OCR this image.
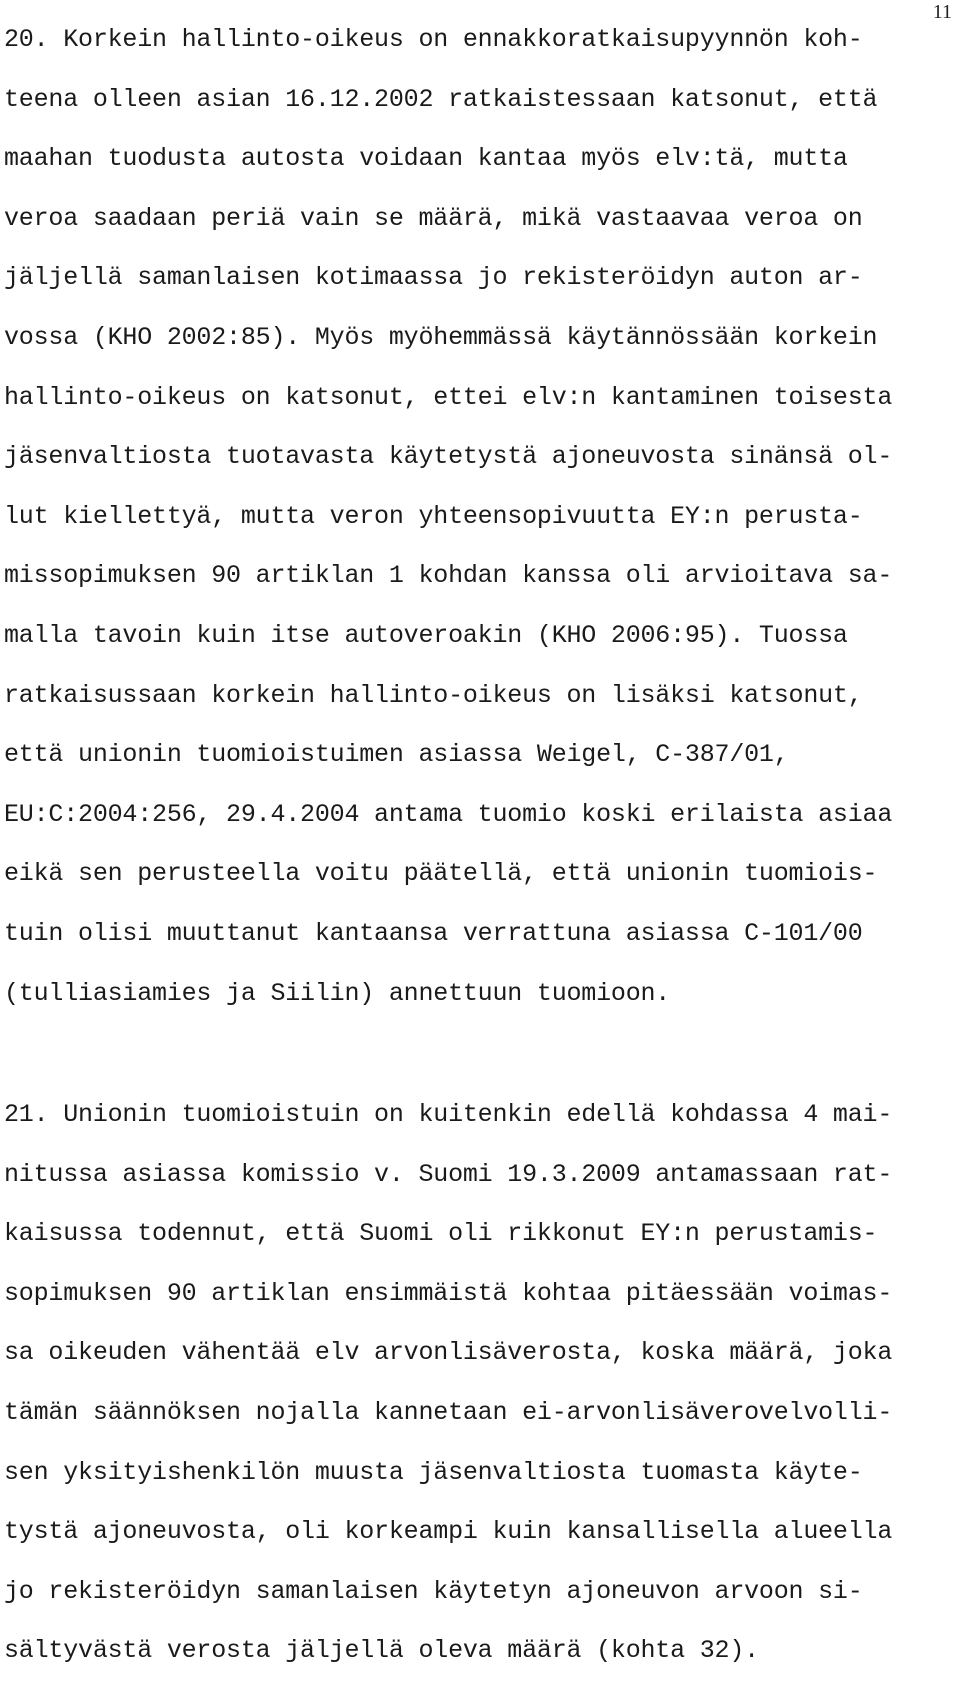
11
20. Korkein hallinto-oikeus on ennakkoratkaisupyynnön koh-
teena olleen asian 16.12.2002 ratkaistessaan katsonut, että
maahan tuodusta autosta voidaan kantaa myös elv:tä, mutta
veroa saadaan periä vain se määrä, mikä vastaavaa veroa on
jäljellä samanlaisen kotimaassa jo rekisteröidyn auton ar-
vossa (KHO 2002:85). Myös myöhemmässä käytännössään korkein
hallinto-oikeus on katsonut, ettei elv:n kantaminen toisesta
jäsenvaltiosta tuotavasta käytetystä ajoneuvosta sinänsä ol-
lut kiellettyä, mutta veron yhteensopivuutta EY:n perusta-
missopimuksen 90 artiklan 1 kohdan kanssa oli arvioitava sa-
malla tavoin kuin itse autoveroakin (KHO 2006:95). Tuossa
ratkaisussaan korkein hallinto-oikeus on lisäksi katsonut,
että unionin tuomioistuimen asiassa Weigel, C-387/01,
EU:C:2004:256, 29.4.2004 antama tuomio koski erilaista asiaa
eikä sen perusteella voitu päätellä, että unionin tuomiois-
tuin olisi muuttanut kantaansa verrattuna asiassa C-101/00
(tulliasiamies ja Siilin) annettuun tuomioon.
21. Unionin tuomioistuin on kuitenkin edellä kohdassa 4 mai-
nitussa asiassa komissio v. Suomi 19.3.2009 antamassaan rat-
kaisussa todennut, että Suomi oli rikkonut EY:n perustamis-
sopimuksen 90 artiklan ensimmäistä kohtaa pitäessään voimas-
sa oikeuden vähentää elv arvonlisäverosta, koska määrä, joka
tämän säännöksen nojalla kannetaan ei-arvonlisäverovelvolli-
sen yksityishenkilön muusta jäsenvaltiosta tuomasta käyte-
tystä ajoneuvosta, oli korkeampi kuin kansallisella alueella
jo rekisteröidyn samanlaisen käytetyn ajoneuvon arvoon si-
sältyvästä verosta jäljellä oleva määrä (kohta 32).
